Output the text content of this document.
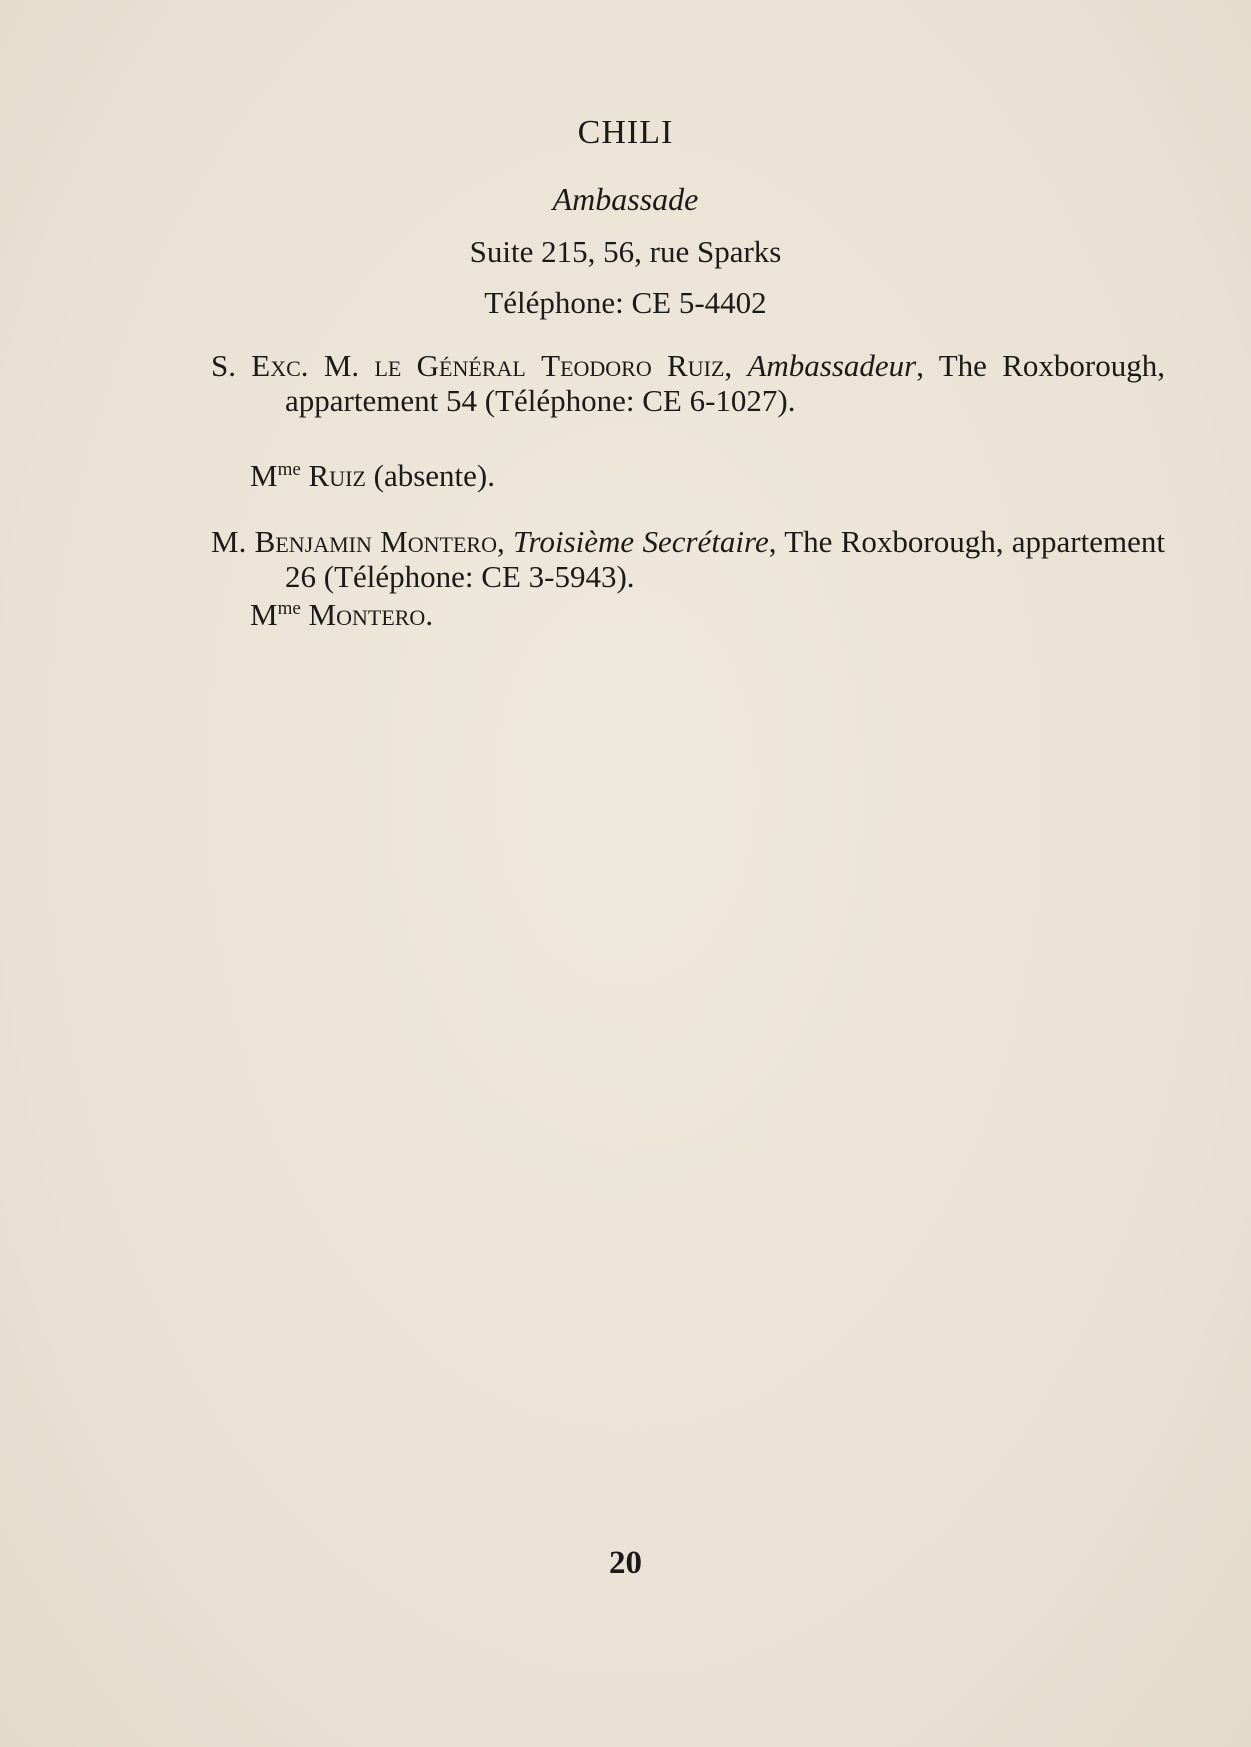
CHILI
Ambassade
Suite 215, 56, rue Sparks
Téléphone: CE 5-4402

S. Exc. M. le Général Teodoro Ruiz, Ambassadeur, The Roxborough, appartement 54 (Téléphone: CE 6-1027).

$M^{me}$ Ruiz (absente).

M. Benjamin Montero, Troisième Secrétaire, The Roxborough, appartement 26 (Téléphone: CE 3-5943).

$M^{me}$ Montero.

20
